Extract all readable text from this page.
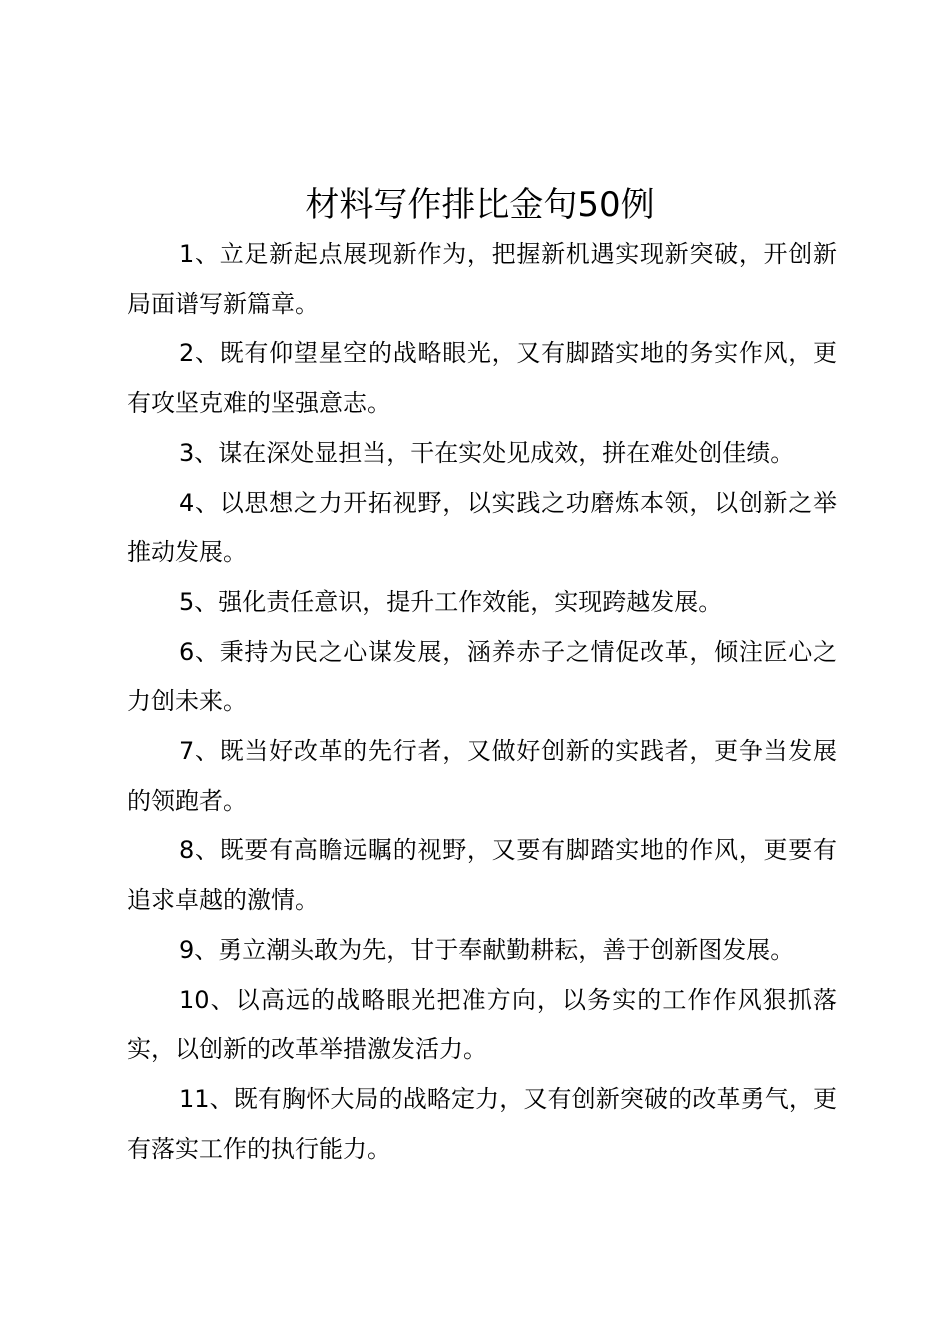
材料写作排比金句50例

1、立足新起点展现新作为，把握新机遇实现新突破，开创新局面谱写新篇章。

2、既有仰望星空的战略眼光，又有脚踏实地的务实作风，更有攻坚克难的坚强意志。

3、谋在深处显担当，干在实处见成效，拼在难处创佳绩。

4、以思想之力开拓视野，以实践之功磨炼本领，以创新之举推动发展。

5、强化责任意识，提升工作效能，实现跨越发展。

6、秉持为民之心谋发展，涵养赤子之情促改革，倾注匠心之力创未来。

7、既当好改革的先行者，又做好创新的实践者，更争当发展的领跑者。

8、既要有高瞻远瞩的视野，又要有脚踏实地的作风，更要有追求卓越的激情。

9、勇立潮头敢为先，甘于奉献勤耕耘，善于创新图发展。

10、以高远的战略眼光把准方向，以务实的工作作风狠抓落实，以创新的改革举措激发活力。

11、既有胸怀大局的战略定力，又有创新突破的改革勇气，更有落实工作的执行能力。
